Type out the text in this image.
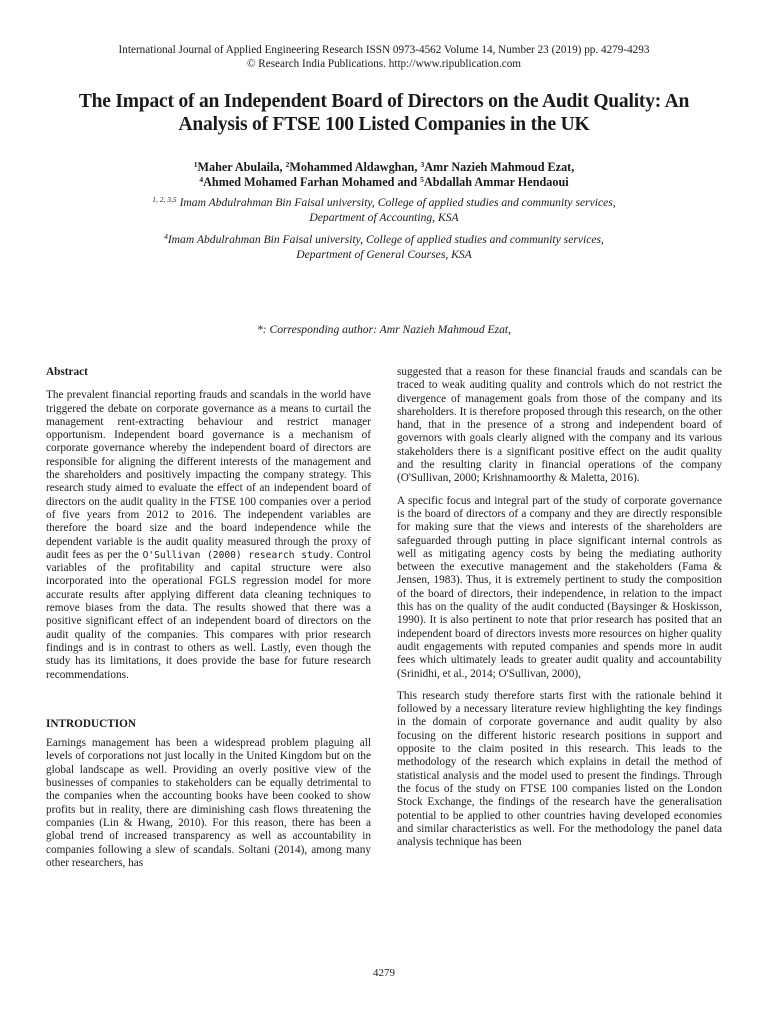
International Journal of Applied Engineering Research ISSN 0973-4562 Volume 14, Number 23 (2019) pp. 4279-4293
© Research India Publications. http://www.ripublication.com
The Impact of an Independent Board of Directors on the Audit Quality: An
Analysis of FTSE 100 Listed Companies in the UK
$^1$Maher Abulaila, $^2$Mohammed Aldawghan, $^3$Amr Nazieh Mahmoud Ezat,
$^4$Ahmed Mohamed Farhan Mohamed and $^5$Abdallah Ammar Hendaoui
$^{1, 2, 3,5}$ Imam Abdulrahman Bin Faisal university, College of applied studies and community services,
Department of Accounting, KSA
$^4$Imam Abdulrahman Bin Faisal university, College of applied studies and community services,
Department of General Courses, KSA
*: Corresponding author: Amr Nazieh Mahmoud Ezat,
Abstract

The prevalent financial reporting frauds and scandals in the world have triggered the debate on corporate governance as a means to curtail the management rent-extracting behaviour and restrict manager opportunism. Independent board governance is a mechanism of corporate governance whereby the independent board of directors are responsible for aligning the different interests of the management and the shareholders and positively impacting the company strategy. This research study aimed to evaluate the effect of an independent board of directors on the audit quality in the FTSE 100 companies over a period of five years from 2012 to 2016. The independent variables are therefore the board size and the board independence while the dependent variable is the audit quality measured through the proxy of audit fees as per the O'Sullivan (2000) research study. Control variables of the profitability and capital structure were also incorporated into the operational FGLS regression model for more accurate results after applying different data cleaning techniques to remove biases from the data. The results showed that there was a positive significant effect of an independent board of directors on the audit quality of the companies. This compares with prior research findings and is in contrast to others as well. Lastly, even though the study has its limitations, it does provide the base for future research recommendations.

INTRODUCTION

Earnings management has been a widespread problem plaguing all levels of corporations not just locally in the United Kingdom but on the global landscape as well. Providing an overly positive view of the businesses of companies to stakeholders can be equally detrimental to the companies when the accounting books have been cooked to show profits but in reality, there are diminishing cash flows threatening the companies (Lin & Hwang, 2010). For this reason, there has been a global trend of increased transparency as well as accountability in companies following a slew of scandals. Soltani (2014), among many other researchers, has

suggested that a reason for these financial frauds and scandals can be traced to weak auditing quality and controls which do not restrict the divergence of management goals from those of the company and its shareholders. It is therefore proposed through this research, on the other hand, that in the presence of a strong and independent board of governors with goals clearly aligned with the company and its various stakeholders there is a significant positive effect on the audit quality and the resulting clarity in financial operations of the company (O'Sullivan, 2000; Krishnamoorthy & Maletta, 2016).

A specific focus and integral part of the study of corporate governance is the board of directors of a company and they are directly responsible for making sure that the views and interests of the shareholders are safeguarded through putting in place significant internal controls as well as mitigating agency costs by being the mediating authority between the executive management and the stakeholders (Fama & Jensen, 1983). Thus, it is extremely pertinent to study the composition of the board of directors, their independence, in relation to the impact this has on the quality of the audit conducted (Baysinger & Hoskisson, 1990). It is also pertinent to note that prior research has posited that an independent board of directors invests more resources on higher quality audit engagements with reputed companies and spends more in audit fees which ultimately leads to greater audit quality and accountability (Srinidhi, et al., 2014; O'Sullivan, 2000),

This research study therefore starts first with the rationale behind it followed by a necessary literature review highlighting the key findings in the domain of corporate governance and audit quality by also focusing on the different historic research positions in support and opposite to the claim posited in this research. This leads to the methodology of the research which explains in detail the method of statistical analysis and the model used to present the findings. Through the focus of the study on FTSE 100 companies listed on the London Stock Exchange, the findings of the research have the generalisation potential to be applied to other countries having developed economies and similar characteristics as well. For the methodology the panel data analysis technique has been

4279
